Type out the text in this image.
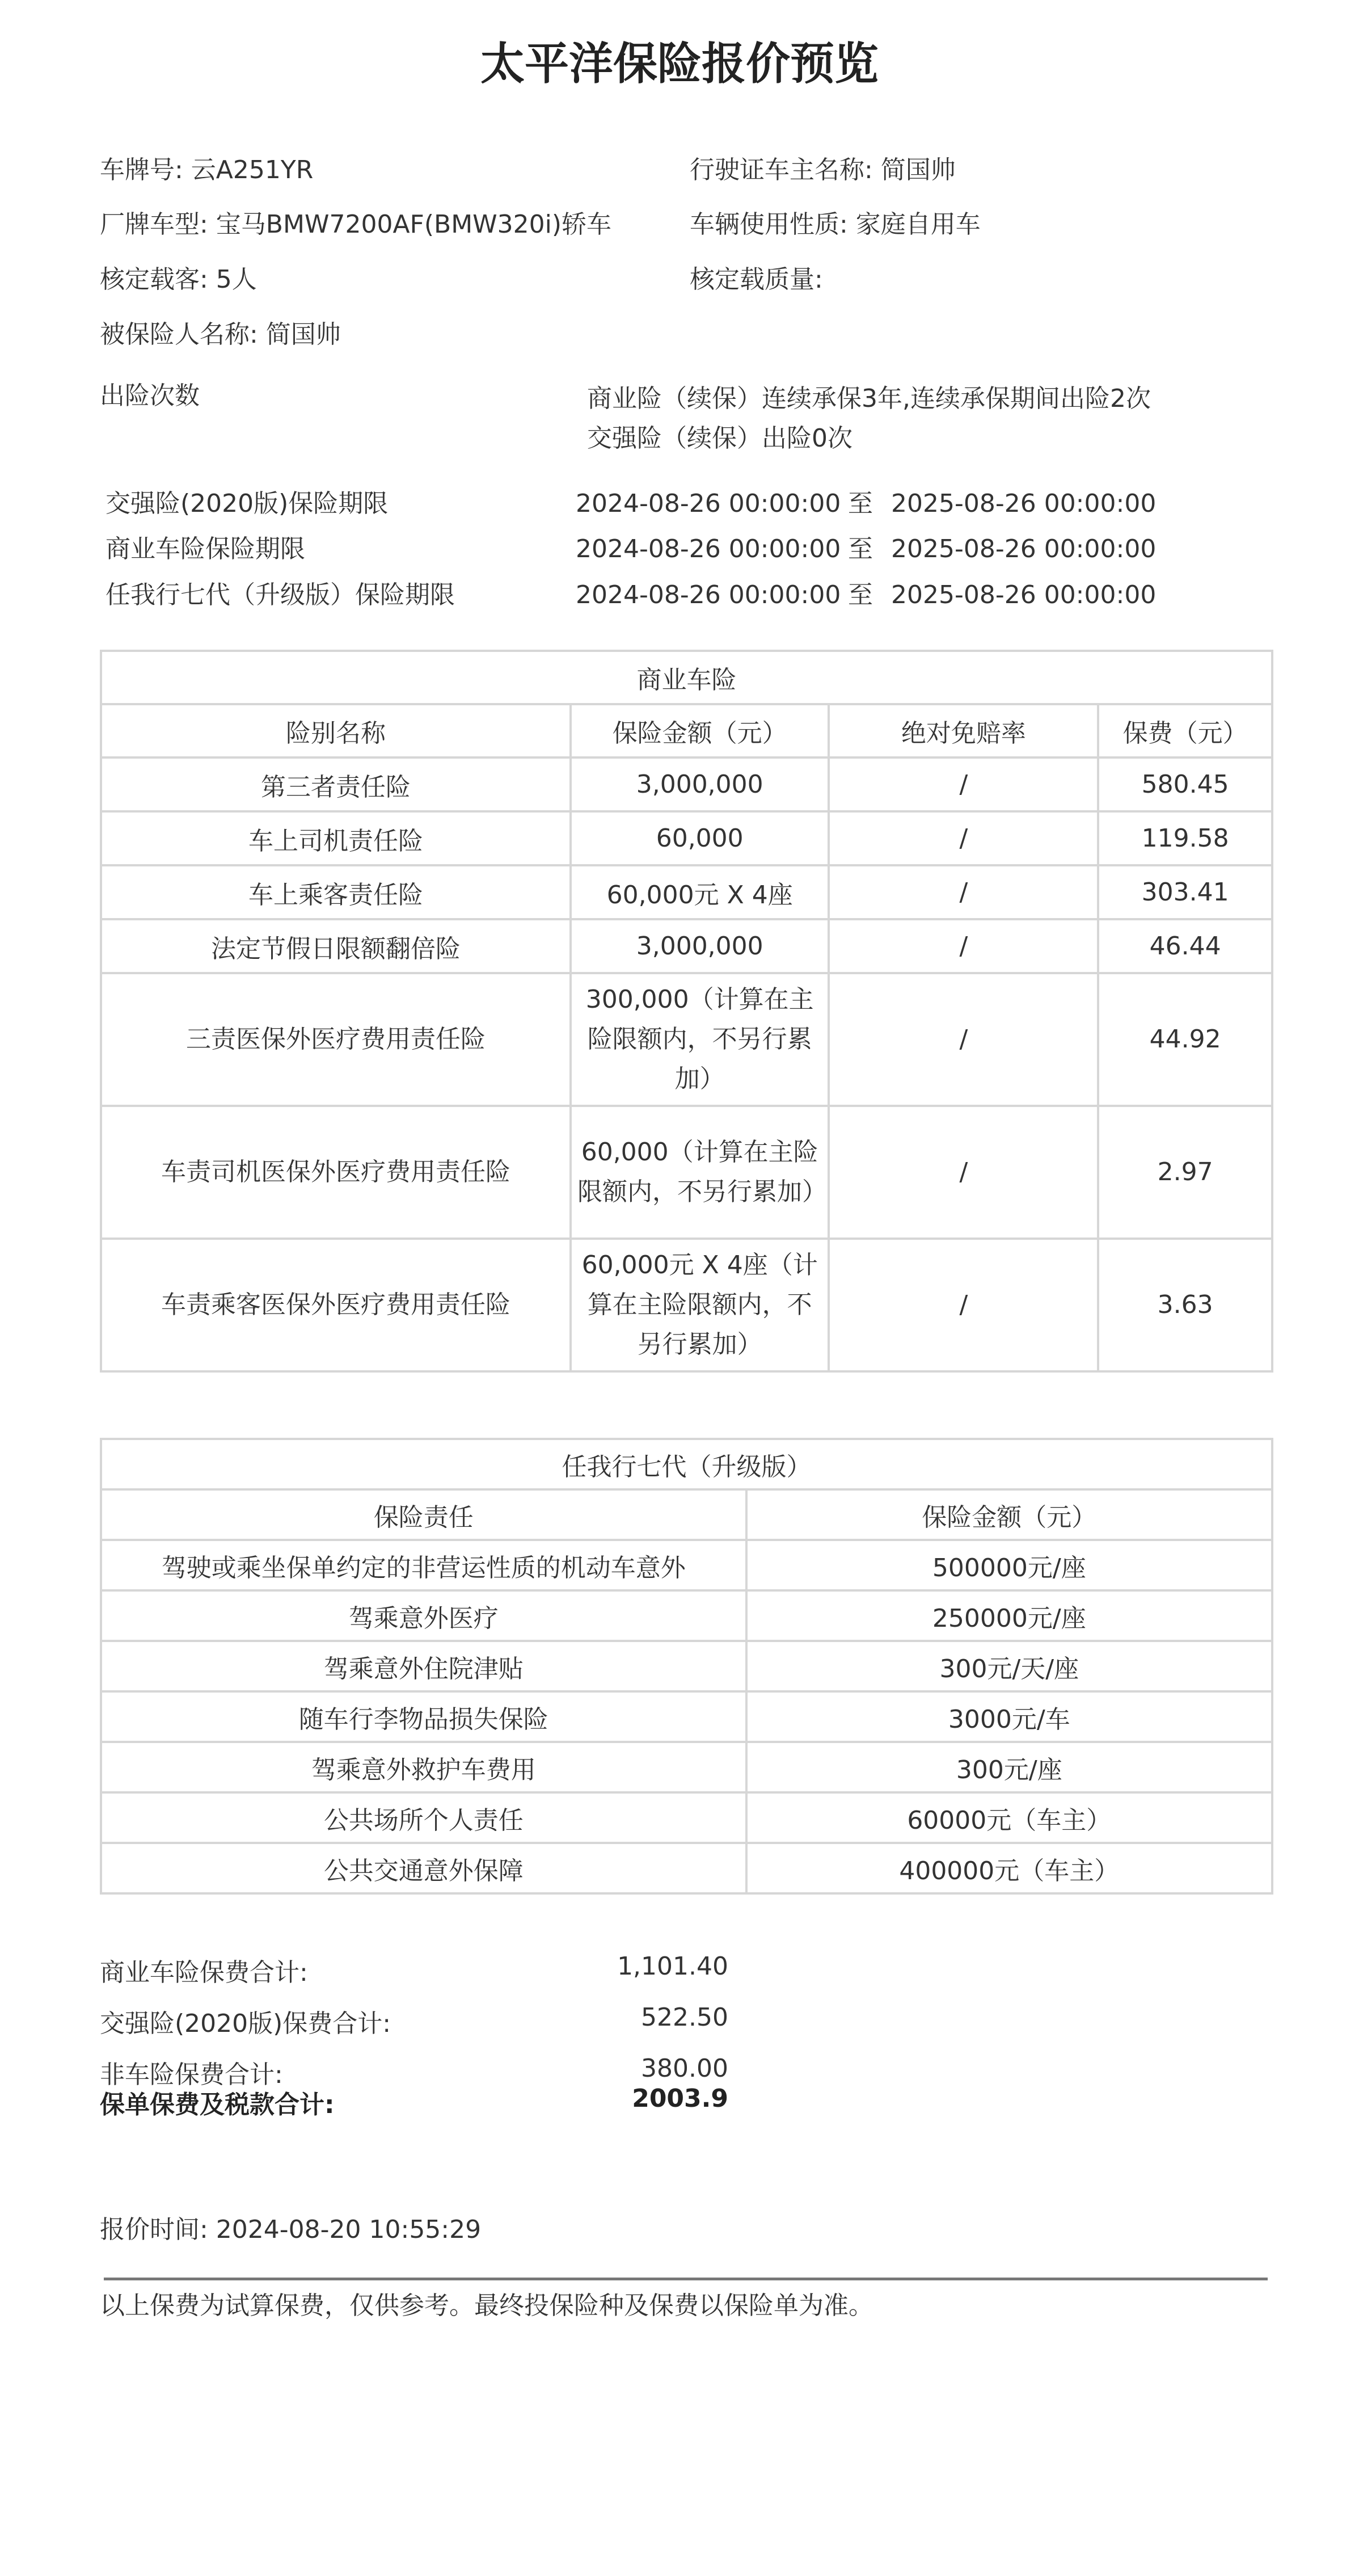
太平洋保险报价预览
车牌号: 云A251YR	行驶证车主名称: 简国帅
厂牌车型: 宝马BMW7200AF(BMW320i)轿车	车辆使用性质: 家庭自用车
核定载客: 5人	核定载质量:
被保险人名称: 简国帅
出险次数	商业险（续保）连续承保3年,连续承保期间出险2次
交强险（续保）出险0次
交强险(2020版)保险期限	2024-08-26 00:00:00 至 2025-08-26 00:00:00
商业车险保险期限	2024-08-26 00:00:00 至 2025-08-26 00:00:00
任我行七代（升级版）保险期限	2024-08-26 00:00:00 至 2025-08-26 00:00:00
商业车险			
险别名称	保险金额（元）	绝对免赔率	保费（元）
第三者责任险	3,000,000	/	580.45
车上司机责任险	60,000	/	119.58
车上乘客责任险	60,000元 X 4座	/	303.41
法定节假日限额翻倍险	3,000,000	/	46.44
三责医保外医疗费用责任险	300,000（计算在主险限额内，不另行累加）	/	44.92
车责司机医保外医疗费用责任险	60,000（计算在主险限额内，不另行累加）	/	2.97
车责乘客医保外医疗费用责任险	60,000元 X 4座（计算在主险限额内，不另行累加）	/	3.63
任我行七代（升级版）	
保险责任	保险金额（元）
驾驶或乘坐保单约定的非营运性质的机动车意外	500000元/座
驾乘意外医疗	250000元/座
驾乘意外住院津贴	300元/天/座
随车行李物品损失保险	3000元/车
驾乘意外救护车费用	300元/座
公共场所个人责任	60000元（车主）
公共交通意外保障	400000元（车主）
商业车险保费合计:	1,101.40
交强险(2020版)保费合计:	522.50
非车险保费合计:	380.00
保单保费及税款合计:	2003.9
报价时间: 2024-08-20 10:55:29
以上保费为试算保费，仅供参考。最终投保险种及保费以保险单为准。
